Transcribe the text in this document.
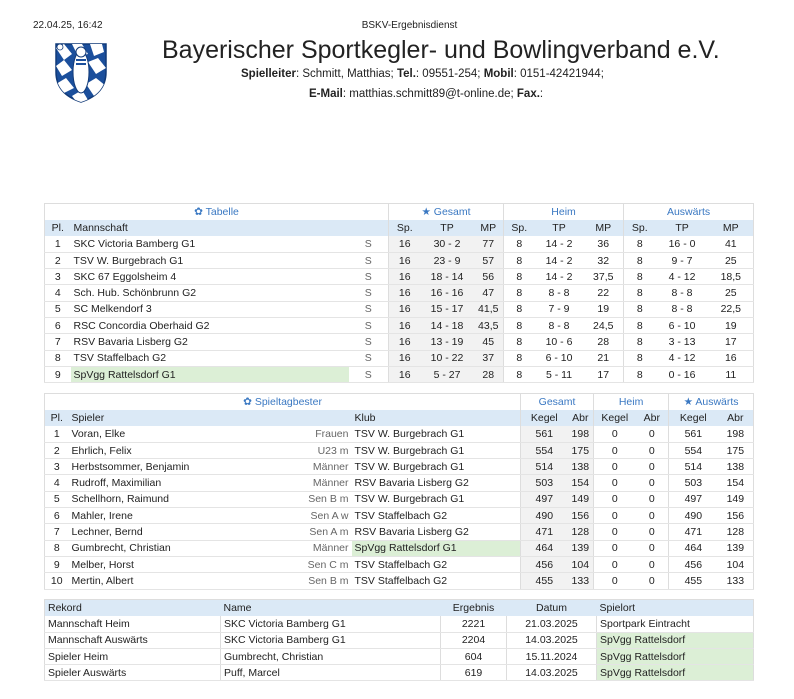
22.04.25, 16:42	BSKV-Ergebnisdienst
Bayerischer Sportkegler- und Bowlingverband e.V.
Spielleiter: Schmitt, Matthias; Tel.: 09551-254; Mobil: 0151-42421944;
E-Mail: matthias.schmitt89@t-online.de; Fax.:
✿ Tabelle			★ Gesamt			Heim			Auswärts		
Pl.	Mannschaft		Sp.	TP	MP	Sp.	TP	MP	Sp.	TP	MP
1	SKC Victoria Bamberg G1	S	16	30 - 2	77	8	14 - 2	36	8	16 - 0	41
2	TSV W. Burgebrach G1	S	16	23 - 9	57	8	14 - 2	32	8	9 - 7	25
3	SKC 67 Eggolsheim 4	S	16	18 - 14	56	8	14 - 2	37,5	8	4 - 12	18,5
4	Sch. Hub. Schönbrunn G2	S	16	16 - 16	47	8	8 - 8	22	8	8 - 8	25
5	SC Melkendorf 3	S	16	15 - 17	41,5	8	7 - 9	19	8	8 - 8	22,5
6	RSC Concordia Oberhaid G2	S	16	14 - 18	43,5	8	8 - 8	24,5	8	6 - 10	19
7	RSV Bavaria Lisberg G2	S	16	13 - 19	45	8	10 - 6	28	8	3 - 13	17
8	TSV Staffelbach G2	S	16	10 - 22	37	8	6 - 10	21	8	4 - 12	16
9	SpVgg Rattelsdorf G1	S	16	5 - 27	28	8	5 - 11	17	8	0 - 16	11
✿ Spieltagbester				Gesamt		Heim		★ Auswärts	
Pl.	Spieler		Klub	Kegel	Abr	Kegel	Abr	Kegel	Abr
1	Voran, Elke	Frauen	TSV W. Burgebrach G1	561	198	0	0	561	198
2	Ehrlich, Felix	U23 m	TSV W. Burgebrach G1	554	175	0	0	554	175
3	Herbstsommer, Benjamin	Männer	TSV W. Burgebrach G1	514	138	0	0	514	138
4	Rudroff, Maximilian	Männer	RSV Bavaria Lisberg G2	503	154	0	0	503	154
5	Schellhorn, Raimund	Sen B m	TSV W. Burgebrach G1	497	149	0	0	497	149
6	Mahler, Irene	Sen A w	TSV Staffelbach G2	490	156	0	0	490	156
7	Lechner, Bernd	Sen A m	RSV Bavaria Lisberg G2	471	128	0	0	471	128
8	Gumbrecht, Christian	Männer	SpVgg Rattelsdorf G1	464	139	0	0	464	139
9	Melber, Horst	Sen C m	TSV Staffelbach G2	456	104	0	0	456	104
10	Mertin, Albert	Sen B m	TSV Staffelbach G2	455	133	0	0	455	133
Rekord	Name	Ergebnis	Datum	Spielort
Mannschaft Heim	SKC Victoria Bamberg G1	2221	21.03.2025	Sportpark Eintracht
Mannschaft Auswärts	SKC Victoria Bamberg G1	2204	14.03.2025	SpVgg Rattelsdorf
Spieler Heim	Gumbrecht, Christian	604	15.11.2024	SpVgg Rattelsdorf
Spieler Auswärts	Puff, Marcel	619	14.03.2025	SpVgg Rattelsdorf
